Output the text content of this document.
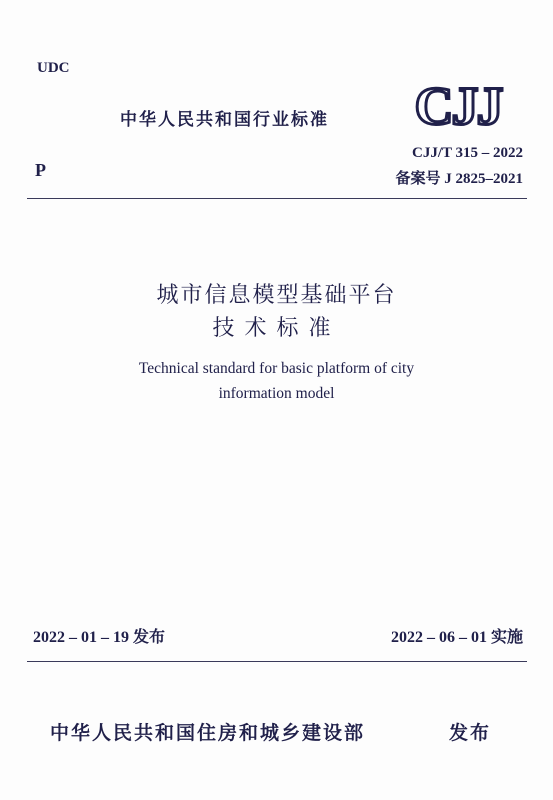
UDC
中华人民共和国行业标准 CJJ
CJJ/T 315 – 2022
P	备案号 J 2825–2021
城市信息模型基础平台
技术标准
Technical standard for basic platform of city
information model
2022 – 01 – 19 发布	2022 – 06 – 01 实施
中华人民共和国住房和城乡建设部	发布
